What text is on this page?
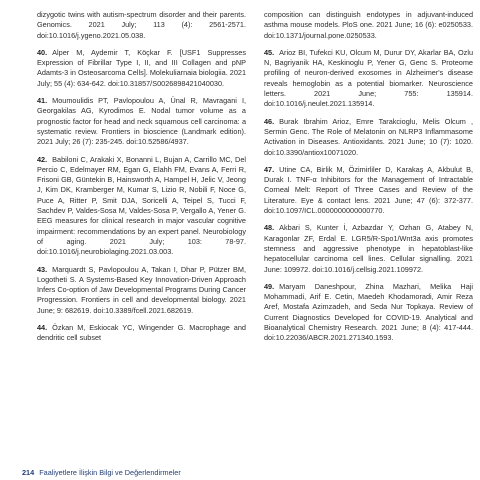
dizygotic twins with autism-spectrum disorder and their parents. Genomics. 2021 July; 113 (4): 2561-2571. doi:10.1016/j.ygeno.2021.05.038.

40. Alper M, Aydemir T, Köçkar F. [USF1 Suppresses Expression of Fibrillar Type I, II, and III Collagen and pNP Adamts-3 in Osteosarcoma Cells]. Molekuliarnaia biologiia. 2021 July; 55 (4): 634-642. doi:10.31857/S0026898421040030.

41. Moumoulidis PT, Pavlopoulou A, Ünal R, Mavragani I, Georgakilas AG, Kyrodimos E. Nodal tumor volume as a prognostic factor for head and neck squamous cell carcinoma: a systematic review. Frontiers in bioscience (Landmark edition). 2021 July; 26 (7): 235-245. doi:10.52586/4937.

42. Babiloni C, Arakaki X, Bonanni L, Bujan A, Carrillo MC, Del Percio C, Edelmayer RM, Egan G, Elahh FM, Evans A, Ferri R, Frisoni GB, Güntekin B, Hainsworth A, Hampel H, Jelic V, Jeong J, Kim DK, Kramberger M, Kumar S, Lizio R, Nobili F, Noce G, Puce A, Ritter P, Smit DJA, Soricelli A, Teipel S, Tucci F, Sachdev P, Valdes-Sosa M, Valdes-Sosa P, Vergallo A, Yener G. EEG measures for clinical research in major vascular cognitive impairment: recommendations by an expert panel. Neurobiology of aging. 2021 July; 103: 78-97. doi:10.1016/j.neurobiolaging.2021.03.003.

43. Marquardt S, Pavlopoulou A, Takan I, Dhar P, Pützer BM, Logotheti S. A Systems-Based Key Innovation-Driven Approach Infers Co-option of Jaw Developmental Programs During Cancer Progression. Frontiers in cell and developmental biology. 2021 June; 9: 682619. doi:10.3389/fcell.2021.682619.

44. Özkan M, Eskiocak YC, Wingender G. Macrophage and dendritic cell subset

composition can distinguish endotypes in adjuvant-induced asthma mouse models. PloS one. 2021 June; 16 (6): e0250533. doi:10.1371/journal.pone.0250533.

45. Arioz BI, Tufekci KU, Olcum M, Durur DY, Akarlar BA, Ozlu N, Bagriyanik HA, Keskinoglu P, Yener G, Genc S. Proteome profiling of neuron-derived exosomes in Alzheimer's disease reveals hemoglobin as a potential biomarker. Neuroscience letters. 2021 June; 755: 135914. doi:10.1016/j.neulet.2021.135914.

46. Burak Ibrahim Arioz, Emre Tarakcioglu, Melis Olcum , Sermin Genc. The Role of Melatonin on NLRP3 Inflammasome Activation in Diseases. Antioxidants. 2021 June; 10 (7): 1020. doi:10.3390/antiox10071020.

47. Utine CA, Birlik M, Özimirliler D, Karakaş A, Akbulut B, Durak I. TNF-α Inhibitors for the Management of Intractable Corneal Melt: Report of Three Cases and Review of the Literature. Eye & contact lens. 2021 June; 47 (6): 372-377. doi:10.1097/ICL.0000000000000770.

48. Akbari S, Kunter İ, Azbazdar Y, Ozhan G, Atabey N, Karagonlar ZF, Erdal E. LGR5/R-Spo1/Wnt3a axis promotes stemness and aggressive phenotype in hepatoblast-like hepatocellular carcinoma cell lines. Cellular signalling. 2021 June: 109972. doi:10.1016/j.cellsig.2021.109972.

49. Maryam Daneshpour, Zhina Mazhari, Melika Haji Mohammadi, Arif E. Cetin, Maedeh Khodamoradi, Amir Reza Aref, Mostafa Azimzadeh, and Seda Nur Topkaya. Review of Current Diagnostics Developed for COVID-19. Analytical and Bioanalytical Chemistry Research. 2021 June; 8 (4): 417-444. doi:10.22036/ABCR.2021.271340.1593.

214 Faaliyetlere İlişkin Bilgi ve Değerlendirmeler
